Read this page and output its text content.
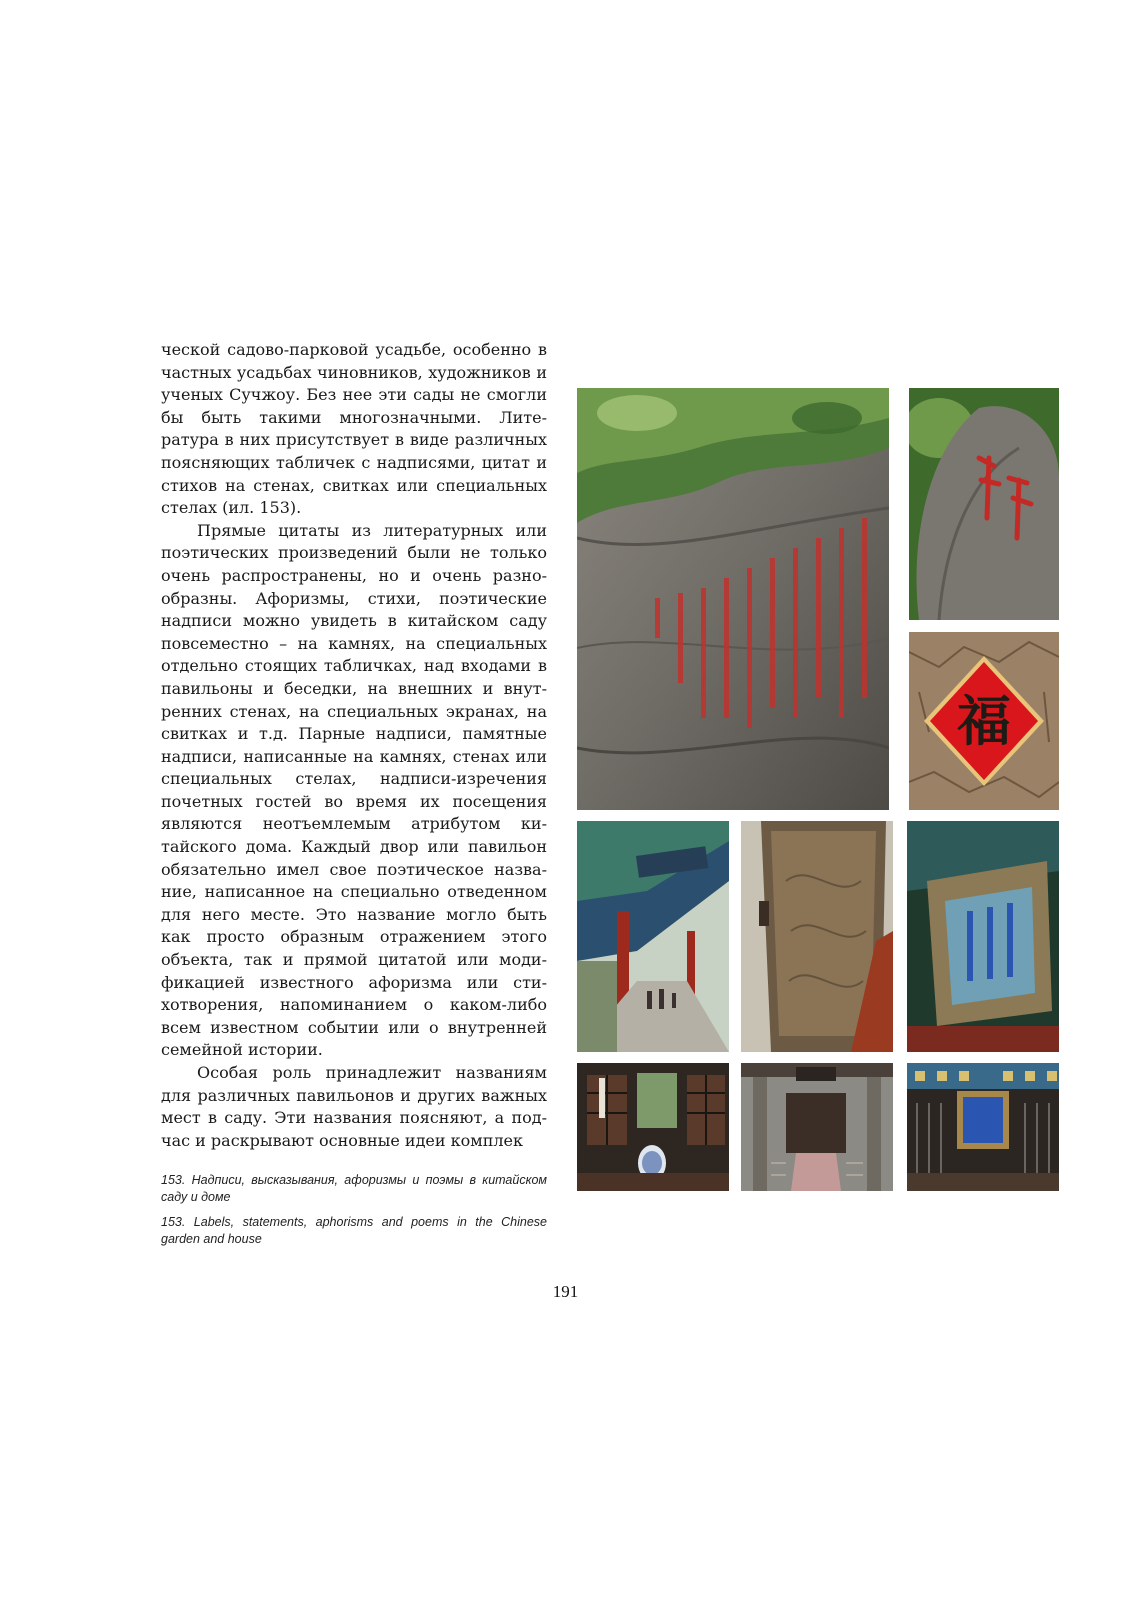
ческой садово-парковой усадьбе, особенно в частных усадьбах чиновников, художников и ученых Сучжоу. Без нее эти сады не смогли бы быть такими многозначными. Литература в них присутствует в виде различных поясняющих табличек с надписями, цитат и стихов на стенах, свитках или специальных стелах (ил. 153).

Прямые цитаты из литературных или поэтических произведений были не только очень распространены, но и очень разнообразны. Афоризмы, стихи, поэтические надписи можно увидеть в китайском саду повсеместно – на камнях, на специальных отдельно стоящих табличках, над входами в павильоны и беседки, на внешних и внутренних стенах, на специальных экранах, на свитках и т.д. Парные надписи, памятные надписи, написанные на камнях, стенах или специальных стелах, надписи-изречения почетных гостей во время их посещения являются неотъемлемым атрибутом китайского дома. Каждый двор или павильон обязательно имел свое поэтическое название, написанное на специально отведенном для него месте. Это название могло быть как просто образным отражением этого объекта, так и прямой цитатой или модификацией известного афоризма или стихотворения, напоминанием о каком-либо всем известном событии или о внутренней семейной истории.

Особая роль принадлежит названиям для различных павильонов и других важных мест в саду. Эти названия поясняют, а подчас и раскрывают основные идеи комплек

153. Надписи, высказывания, афоризмы и поэмы в китайском саду и доме

153. Labels, statements, aphorisms and poems in the Chinese garden and house

福
191
